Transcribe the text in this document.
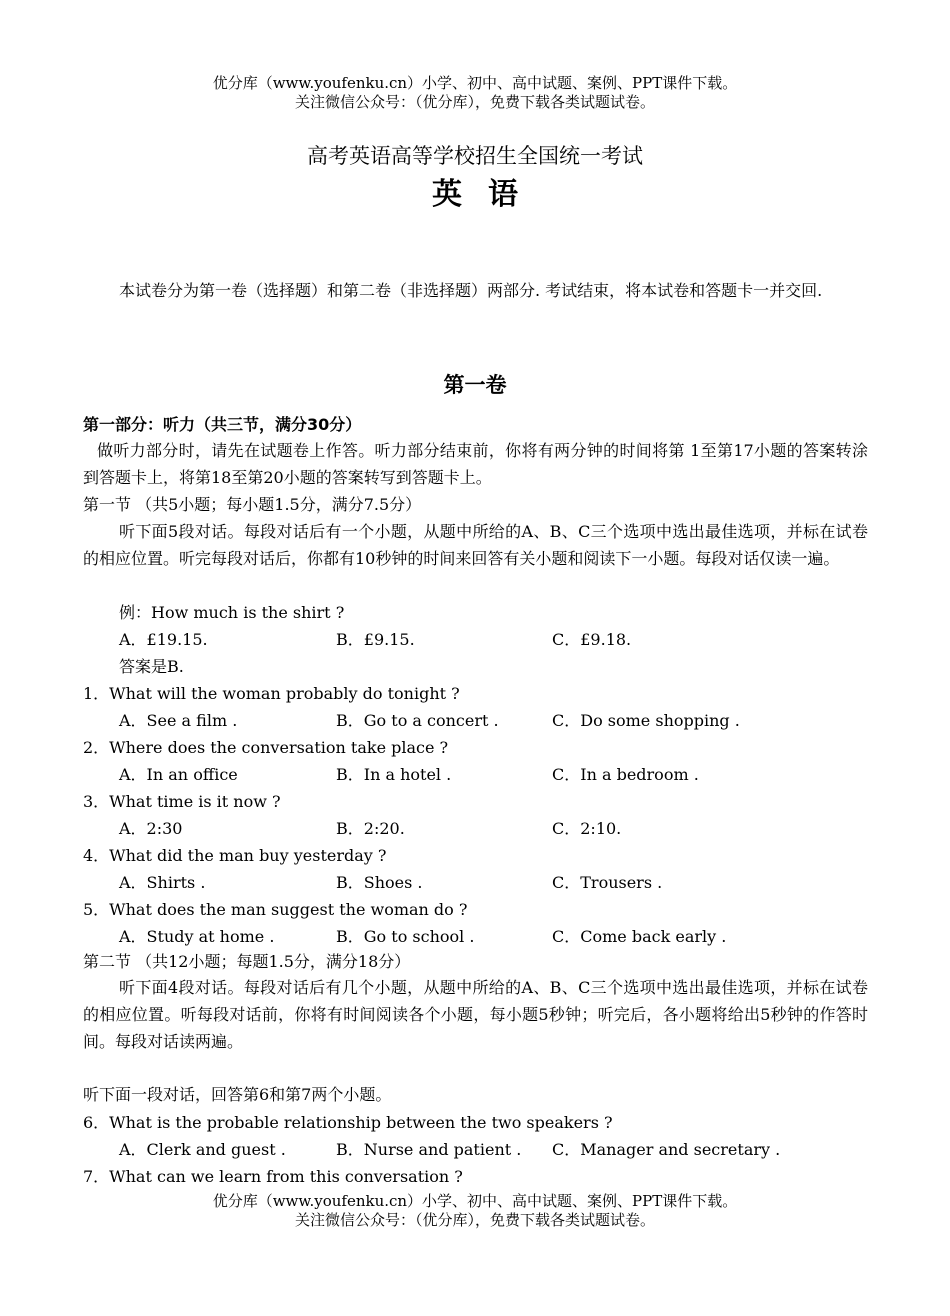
优分库（www.youfenku.cn）小学、初中、高中试题、案例、PPT课件下载。
关注微信公众号：（优分库），免费下载各类试题试卷。
高考英语高等学校招生全国统一考试
英语
本试卷分为第一卷（选择题）和第二卷（非选择题）两部分. 考试结束，将本试卷和答题卡一并交回.
第一卷
第一部分：听力（共三节，满分30分）
做听力部分时，请先在试题卷上作答。听力部分结束前，你将有两分钟的时间将第 1至第17小题的答案转涂到答题卡上，将第18至第20小题的答案转写到答题卡上。
第一节 （共5小题；每小题1.5分，满分7.5分）
听下面5段对话。每段对话后有一个小题，从题中所给的A、B、C三个选项中选出最佳选项，并标在试卷的相应位置。听完每段对话后，你都有10秒钟的时间来回答有关小题和阅读下一小题。每段对话仅读一遍。
例：How much is the shirt ?
A．£19.15.	B．£9.15.	C．£9.18.
答案是B.
1．What will the woman probably do tonight ?
A．See a film .	B．Go to a concert .	C．Do some shopping .
2．Where does the conversation take place ?
A．In an office	B．In a hotel .	C．In a bedroom .
3．What time is it now ?
A．2:30	B．2:20.	C．2:10.
4．What did the man buy yesterday ?
A．Shirts .	B．Shoes .	C．Trousers .
5．What does the man suggest the woman do ?
A．Study at home .	B．Go to school .	C．Come back early .
第二节 （共12小题；每题1.5分，满分18分）
听下面4段对话。每段对话后有几个小题，从题中所给的A、B、C三个选项中选出最佳选项，并标在试卷的相应位置。听每段对话前，你将有时间阅读各个小题，每小题5秒钟；听完后，各小题将给出5秒钟的作答时间。每段对话读两遍。
听下面一段对话，回答第6和第7两个小题。
6．What is the probable relationship between the two speakers ?
A．Clerk and guest .	B．Nurse and patient . C．Manager and secretary .
7．What can we learn from this conversation ?
优分库（www.youfenku.cn）小学、初中、高中试题、案例、PPT课件下载。
关注微信公众号：（优分库），免费下载各类试题试卷。
